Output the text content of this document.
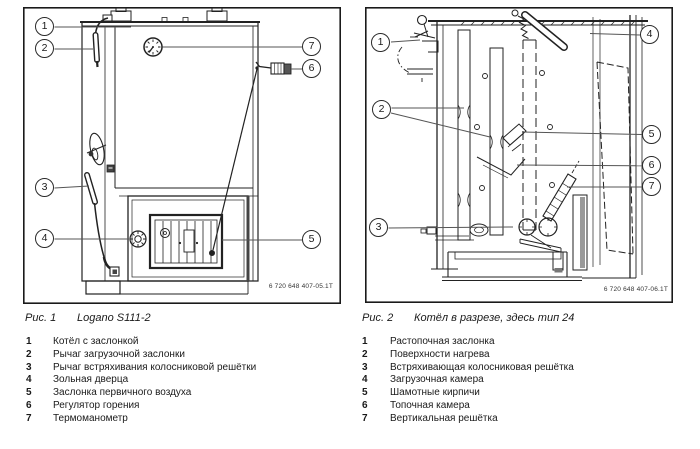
1
2
3
4	5
6
7
6 720 648 407-05.1T
1
2
3
4
5
6
7
6 720 648 407-06.1T
Рис. 1 Logano S111-2	Рис. 2 Котёл в разрезе, здесь тип 24
1 Котёл с заслонкой
2 Рычаг загрузочной заслонки
3 Рычаг встряхивания колосниковой решётки
4 Зольная дверца
5 Заслонка первичного воздуха
6 Регулятор горения
7 Термоманометр
1 Растопочная заслонка
2 Поверхности нагрева
3 Встряхивающая колосниковая решётка
4 Загрузочная камера
5 Шамотные кирпичи
6 Топочная камера
7 Вертикальная решётка
